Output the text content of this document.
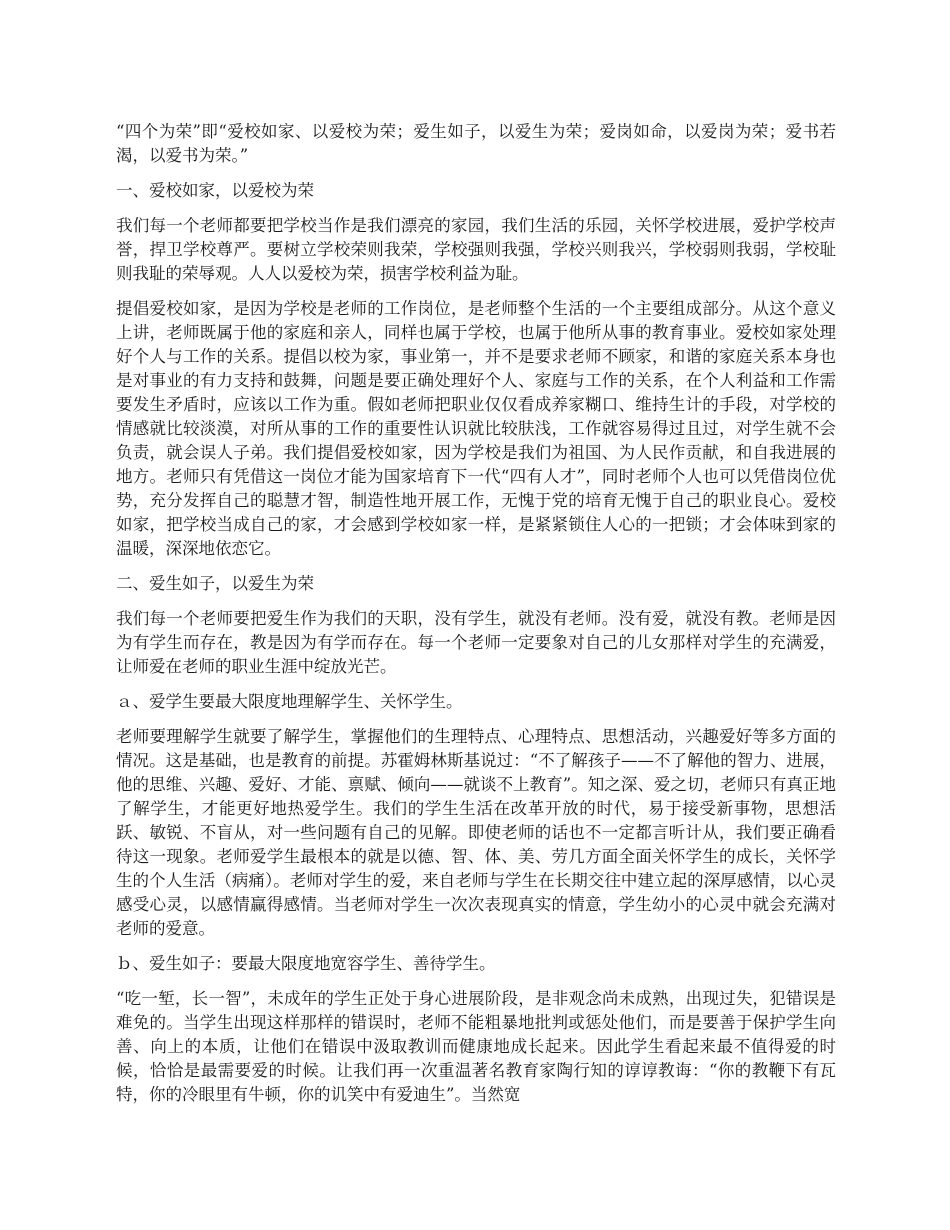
“四个为荣”即“爱校如家、以爱校为荣；爱生如子，以爱生为荣；爱岗如命，以爱岗为荣；爱书若渴，以爱书为荣。”

一、爱校如家，以爱校为荣

我们每一个老师都要把学校当作是我们漂亮的家园，我们生活的乐园，关怀学校进展，爱护学校声誉，捍卫学校尊严。要树立学校荣则我荣，学校强则我强，学校兴则我兴，学校弱则我弱，学校耻则我耻的荣辱观。人人以爱校为荣，损害学校利益为耻。

提倡爱校如家，是因为学校是老师的工作岗位，是老师整个生活的一个主要组成部分。从这个意义上讲，老师既属于他的家庭和亲人，同样也属于学校，也属于他所从事的教育事业。爱校如家处理好个人与工作的关系。提倡以校为家，事业第一，并不是要求老师不顾家，和谐的家庭关系本身也是对事业的有力支持和鼓舞，问题是要正确处理好个人、家庭与工作的关系，在个人利益和工作需要发生矛盾时，应该以工作为重。假如老师把职业仅仅看成养家糊口、维持生计的手段，对学校的情感就比较淡漠，对所从事的工作的重要性认识就比较肤浅，工作就容易得过且过，对学生就不会负责，就会误人子弟。我们提倡爱校如家，因为学校是我们为祖国、为人民作贡献，和自我进展的地方。老师只有凭借这一岗位才能为国家培育下一代“四有人才”，同时老师个人也可以凭借岗位优势，充分发挥自己的聪慧才智，制造性地开展工作，无愧于党的培育无愧于自己的职业良心。爱校如家，把学校当成自己的家，才会感到学校如家一样，是紧紧锁住人心的一把锁；才会体味到家的温暖，深深地依恋它。

二、爱生如子，以爱生为荣

我们每一个老师要把爱生作为我们的天职，没有学生，就没有老师。没有爱，就没有教。老师是因为有学生而存在，教是因为有学而存在。每一个老师一定要象对自己的儿女那样对学生的充满爱，让师爱在老师的职业生涯中绽放光芒。

ａ、爱学生要最大限度地理解学生、关怀学生。

老师要理解学生就要了解学生，掌握他们的生理特点、心理特点、思想活动，兴趣爱好等多方面的情况。这是基础，也是教育的前提。苏霍姆林斯基说过：“不了解孩子——不了解他的智力、进展，他的思维、兴趣、爱好、才能、禀赋、倾向——就谈不上教育”。知之深、爱之切，老师只有真正地了解学生，才能更好地热爱学生。我们的学生生活在改革开放的时代，易于接受新事物，思想活跃、敏锐、不盲从，对一些问题有自己的见解。即使老师的话也不一定都言听计从，我们要正确看待这一现象。老师爱学生最根本的就是以德、智、体、美、劳几方面全面关怀学生的成长，关怀学生的个人生活（病痛）。老师对学生的爱，来自老师与学生在长期交往中建立起的深厚感情，以心灵感受心灵，以感情赢得感情。当老师对学生一次次表现真实的情意，学生幼小的心灵中就会充满对老师的爱意。

ｂ、爱生如子：要最大限度地宽容学生、善待学生。

“吃一堑，长一智”，未成年的学生正处于身心进展阶段，是非观念尚未成熟，出现过失，犯错误是难免的。当学生出现这样那样的错误时，老师不能粗暴地批判或惩处他们，而是要善于保护学生向善、向上的本质，让他们在错误中汲取教训而健康地成长起来。因此学生看起来最不值得爱的时候，恰恰是最需要爱的时候。让我们再一次重温著名教育家陶行知的谆谆教诲：“你的教鞭下有瓦特，你的冷眼里有牛顿，你的讥笑中有爱迪生”。当然宽
